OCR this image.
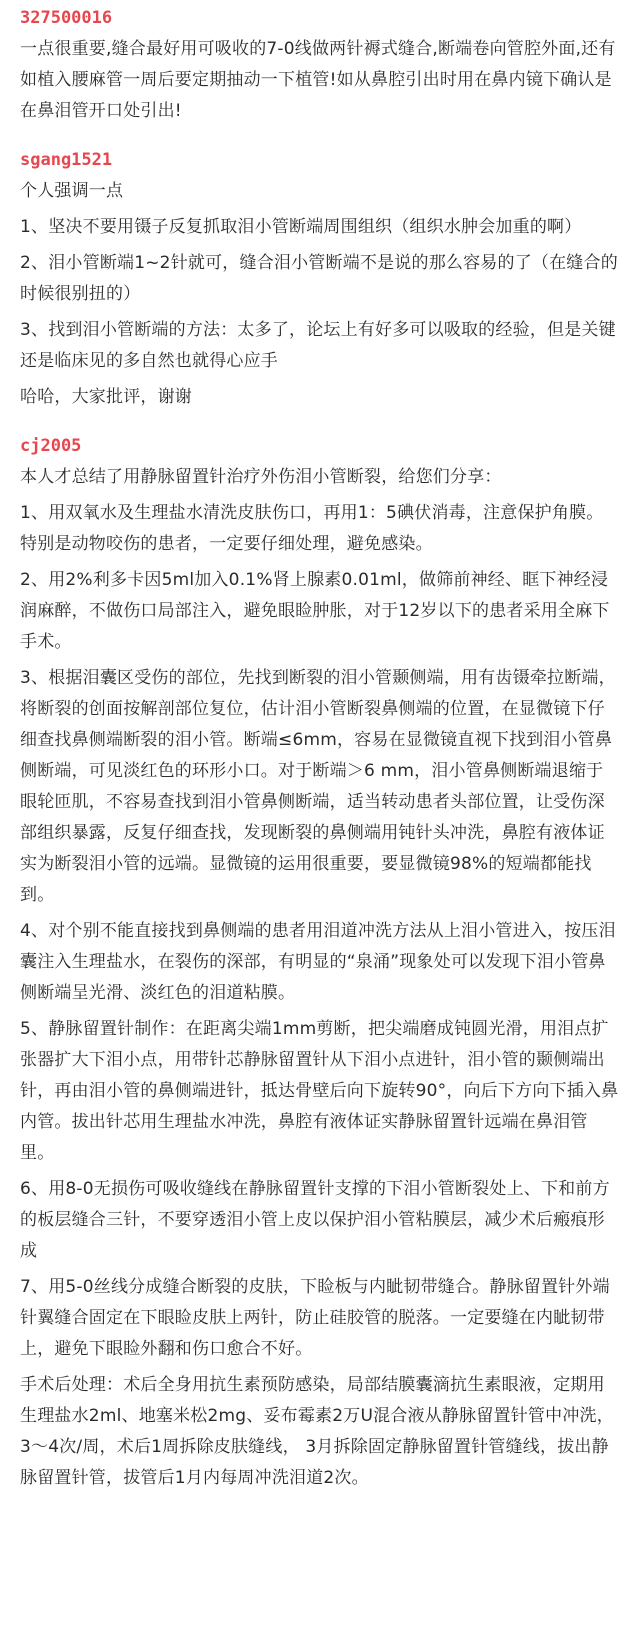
327500016

一点很重要,缝合最好用可吸收的7-0线做两针褥式缝合,断端卷向管腔外面,还有如植入腰麻管一周后要定期抽动一下植管!如从鼻腔引出时用在鼻内镜下确认是在鼻泪管开口处引出!

sgang1521

个人强调一点

1、坚决不要用镊子反复抓取泪小管断端周围组织（组织水肿会加重的啊）

2、泪小管断端1~2针就可，缝合泪小管断端不是说的那么容易的了（在缝合的时候很别扭的）

3、找到泪小管断端的方法：太多了，论坛上有好多可以吸取的经验，但是关键还是临床见的多自然也就得心应手

哈哈，大家批评，谢谢

cj2005

本人才总结了用静脉留置针治疗外伤泪小管断裂，给您们分享：

1、用双氧水及生理盐水清洗皮肤伤口，再用1：5碘伏消毒，注意保护角膜。特别是动物咬伤的患者，一定要仔细处理，避免感染。

2、用2%利多卡因5ml加入0.1%肾上腺素0.01ml，做筛前神经、眶下神经浸润麻醉，不做伤口局部注入，避免眼睑肿胀，对于12岁以下的患者采用全麻下手术。

3、根据泪囊区受伤的部位，先找到断裂的泪小管颞侧端，用有齿镊牵拉断端，将断裂的创面按解剖部位复位，估计泪小管断裂鼻侧端的位置，在显微镜下仔细查找鼻侧端断裂的泪小管。断端≤6mm，容易在显微镜直视下找到泪小管鼻侧断端，可见淡红色的环形小口。对于断端＞6 mm，泪小管鼻侧断端退缩于眼轮匝肌，不容易查找到泪小管鼻侧断端，适当转动患者头部位置，让受伤深部组织暴露，反复仔细查找，发现断裂的鼻侧端用钝针头冲洗，鼻腔有液体证实为断裂泪小管的远端。显微镜的运用很重要，要显微镜98%的短端都能找到。

4、对个别不能直接找到鼻侧端的患者用泪道冲洗方法从上泪小管进入，按压泪囊注入生理盐水，在裂伤的深部，有明显的“泉涌”现象处可以发现下泪小管鼻侧断端呈光滑、淡红色的泪道粘膜。

5、静脉留置针制作：在距离尖端1mm剪断，把尖端磨成钝圆光滑，用泪点扩张器扩大下泪小点，用带针芯静脉留置针从下泪小点进针，泪小管的颞侧端出针，再由泪小管的鼻侧端进针，抵达骨壁后向下旋转90°，向后下方向下插入鼻内管。拔出针芯用生理盐水冲洗，鼻腔有液体证实静脉留置针远端在鼻泪管里。

6、用8-0无损伤可吸收缝线在静脉留置针支撑的下泪小管断裂处上、下和前方的板层缝合三针，不要穿透泪小管上皮以保护泪小管粘膜层，减少术后瘢痕形成

7、用5-0丝线分成缝合断裂的皮肤，下睑板与内眦韧带缝合。静脉留置针外端针翼缝合固定在下眼睑皮肤上两针，防止硅胶管的脱落。一定要缝在内眦韧带上，避免下眼睑外翻和伤口愈合不好。

手术后处理：术后全身用抗生素预防感染，局部结膜囊滴抗生素眼液，定期用生理盐水2ml、地塞米松2mg、妥布霉素2万U混合液从静脉留置针管中冲洗，3～4次/周，术后1周拆除皮肤缝线， 3月拆除固定静脉留置针管缝线，拔出静脉留置针管，拔管后1月内每周冲洗泪道2次。
